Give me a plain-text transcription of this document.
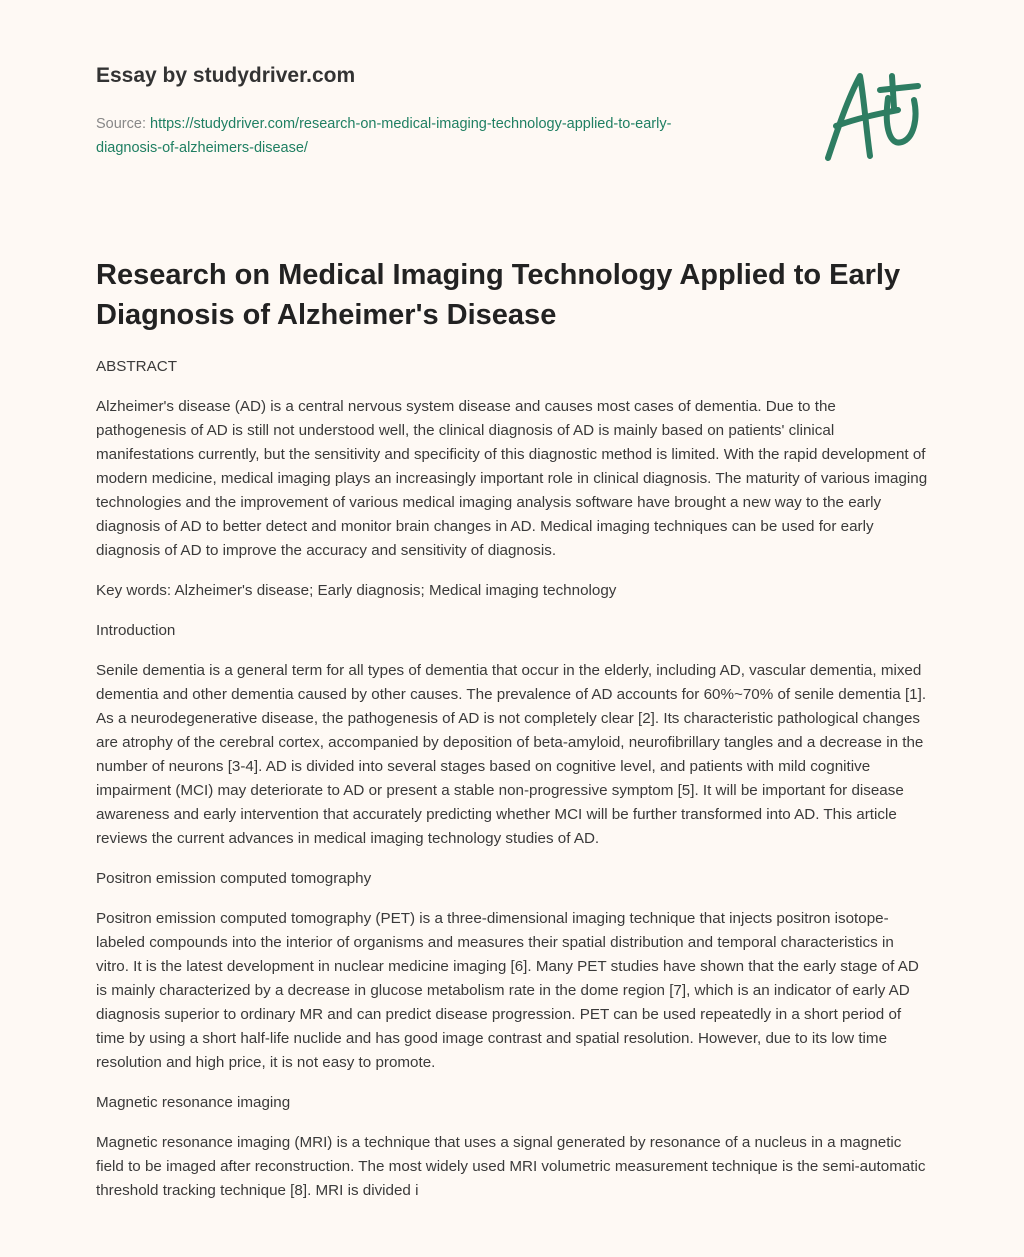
Essay by studydriver.com
Source: https://studydriver.com/research-on-medical-imaging-technology-applied-to-early-diagnosis-of-alzheimers-disease/
Research on Medical Imaging Technology Applied to Early Diagnosis of Alzheimer's Disease

ABSTRACT

Alzheimer's disease (AD) is a central nervous system disease and causes most cases of dementia. Due to the pathogenesis of AD is still not understood well, the clinical diagnosis of AD is mainly based on patients' clinical manifestations currently, but the sensitivity and specificity of this diagnostic method is limited. With the rapid development of modern medicine, medical imaging plays an increasingly important role in clinical diagnosis. The maturity of various imaging technologies and the improvement of various medical imaging analysis software have brought a new way to the early diagnosis of AD to better detect and monitor brain changes in AD. Medical imaging techniques can be used for early diagnosis of AD to improve the accuracy and sensitivity of diagnosis.

Key words: Alzheimer's disease; Early diagnosis; Medical imaging technology

Introduction

Senile dementia is a general term for all types of dementia that occur in the elderly, including AD, vascular dementia, mixed dementia and other dementia caused by other causes. The prevalence of AD accounts for 60%~70% of senile dementia [1]. As a neurodegenerative disease, the pathogenesis of AD is not completely clear [2]. Its characteristic pathological changes are atrophy of the cerebral cortex, accompanied by deposition of beta-amyloid, neurofibrillary tangles and a decrease in the number of neurons [3-4]. AD is divided into several stages based on cognitive level, and patients with mild cognitive impairment (MCI) may deteriorate to AD or present a stable non-progressive symptom [5]. It will be important for disease awareness and early intervention that accurately predicting whether MCI will be further transformed into AD. This article reviews the current advances in medical imaging technology studies of AD.

Positron emission computed tomography

Positron emission computed tomography (PET) is a three-dimensional imaging technique that injects positron isotope-labeled compounds into the interior of organisms and measures their spatial distribution and temporal characteristics in vitro. It is the latest development in nuclear medicine imaging [6]. Many PET studies have shown that the early stage of AD is mainly characterized by a decrease in glucose metabolism rate in the dome region [7], which is an indicator of early AD diagnosis superior to ordinary MR and can predict disease progression. PET can be used repeatedly in a short period of time by using a short half-life nuclide and has good image contrast and spatial resolution. However, due to its low time resolution and high price, it is not easy to promote.

Magnetic resonance imaging

Magnetic resonance imaging (MRI) is a technique that uses a signal generated by resonance of a nucleus in a magnetic field to be imaged after reconstruction. The most widely used MRI volumetric measurement technique is the semi-automatic threshold tracking technique [8]. MRI is divided i
